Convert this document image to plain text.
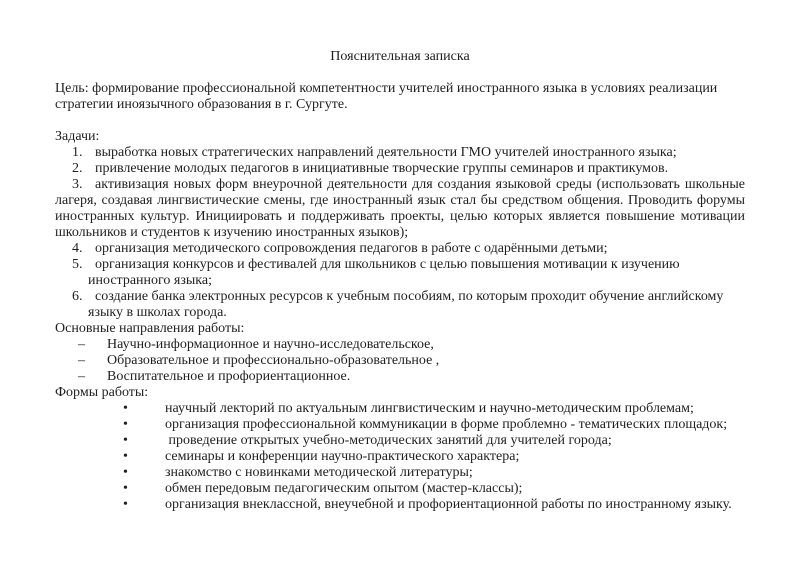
Пояснительная записка
Цель: формирование профессиональной компетентности учителей иностранного языка в условиях реализации стратегии иноязычного образования в г. Сургуте.
Задачи:
1. выработка новых стратегических направлений деятельности ГМО учителей иностранного языка;
2. привлечение молодых педагогов в инициативные творческие группы семинаров и практикумов.
3. активизация новых форм внеурочной деятельности для создания языковой среды (использовать школьные лагеря, создавая лингвистические смены, где иностранный язык стал бы средством общения. Проводить форумы иностранных культур. Инициировать и поддерживать проекты, целью которых является повышение мотивации школьников и студентов к изучению иностранных языков);
4. организация методического сопровождения педагогов в работе с одарёнными детьми;
5. организация конкурсов и фестивалей для школьников с целью повышения мотивации к изучению иностранного языка;
6. создание банка электронных ресурсов к учебным пособиям, по которым проходит обучение английскому языку в школах города.
Основные направления работы:
– Научно-информационное и научно-исследовательское,
– Образовательное и профессионально-образовательное ,
– Воспитательное и профориентационное.
Формы работы:
•	научный лекторий по актуальным лингвистическим и научно-методическим проблемам;
•	организация профессиональной коммуникации в форме проблемно - тематических площадок;
•	проведение открытых учебно-методических занятий для учителей города;
•	семинары и конференции научно-практического характера;
•	знакомство с новинками методической литературы;
•	обмен передовым педагогическим опытом (мастер-классы);
•	организация внеклассной, внеучебной и профориентационной работы по иностранному языку.
